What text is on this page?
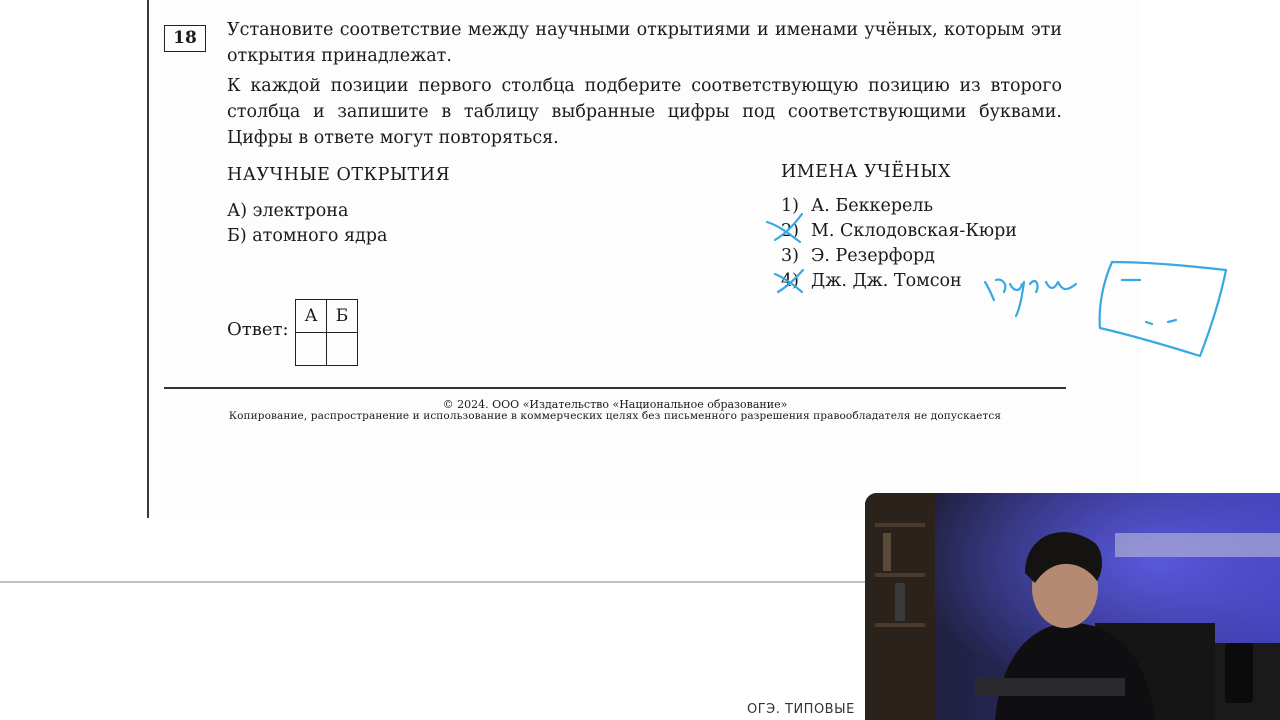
18	Установите соответствие между научными открытиями и именами учёных, которым эти открытия принадлежат.
К каждой позиции первого столбца подберите соответствующую позицию из второго столбца и запишите в таблицу выбранные цифры под соответствующими буквами. Цифры в ответе могут повторяться.
НАУЧНЫЕ ОТКРЫТИЯ
А) электрона
Б) атомного ядра
ИМЕНА УЧЁНЫХ
1) А. Беккерель
2) М. Склодовская-Кюри
3) Э. Резерфорд
4) Дж. Дж. Томсон
Ответ:
А	Б

© 2024. ООО «Издательство «Национальное образование»
Копирование, распространение и использование в коммерческих целях без письменного разрешения правообладателя не допускается
ОГЭ. ТИПОВЫЕ
